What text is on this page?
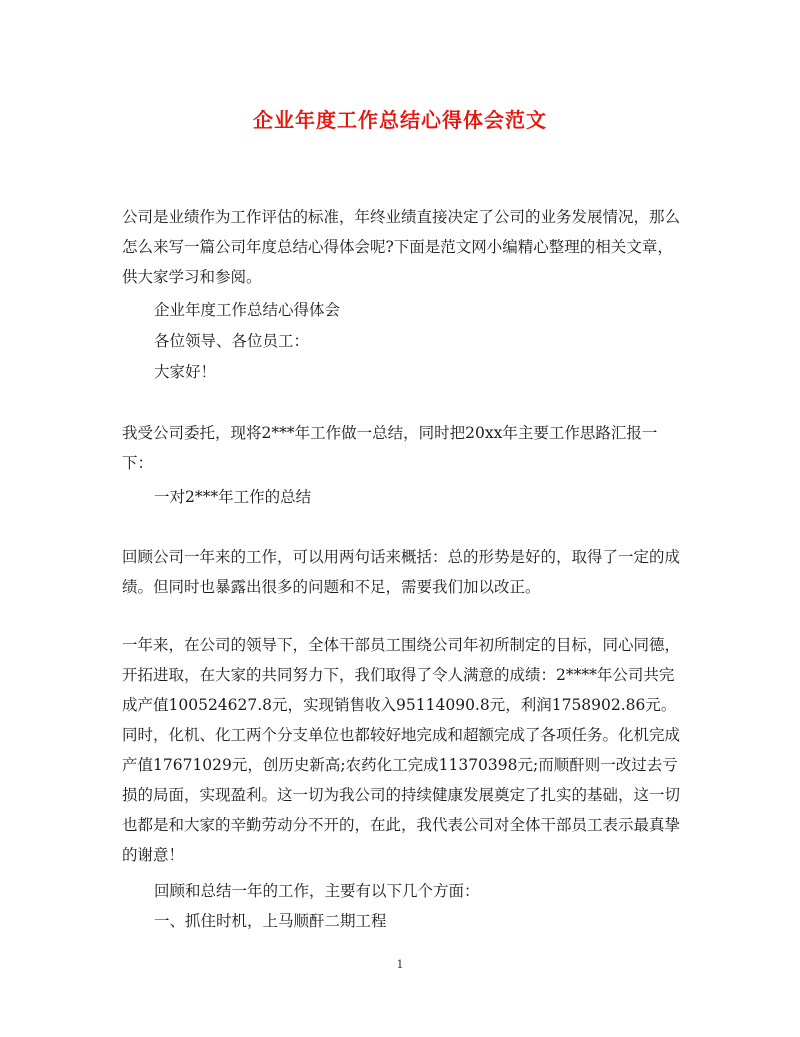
企业年度工作总结心得体会范文

公司是业绩作为工作评估的标准，年终业绩直接决定了公司的业务发展情况，那么怎么来写一篇公司年度总结心得体会呢?下面是范文网小编精心整理的相关文章，供大家学习和参阅。

企业年度工作总结心得体会

各位领导、各位员工：

大家好！

我受公司委托，现将2***年工作做一总结，同时把20xx年主要工作思路汇报一下：

一对2***年工作的总结

回顾公司一年来的工作，可以用两句话来概括：总的形势是好的，取得了一定的成绩。但同时也暴露出很多的问题和不足，需要我们加以改正。

一年来，在公司的领导下，全体干部员工围绕公司年初所制定的目标，同心同德，开拓进取，在大家的共同努力下，我们取得了令人满意的成绩：2****年公司共完成产值100524627.8元，实现销售收入95114090.8元，利润1758902.86元。同时，化机、化工两个分支单位也都较好地完成和超额完成了各项任务。化机完成产值17671029元，创历史新高;农药化工完成11370398元;而顺酐则一改过去亏损的局面，实现盈利。这一切为我公司的持续健康发展奠定了扎实的基础，这一切也都是和大家的辛勤劳动分不开的，在此，我代表公司对全体干部员工表示最真挚的谢意！

回顾和总结一年的工作，主要有以下几个方面：

一、抓住时机，上马顺酐二期工程

1
